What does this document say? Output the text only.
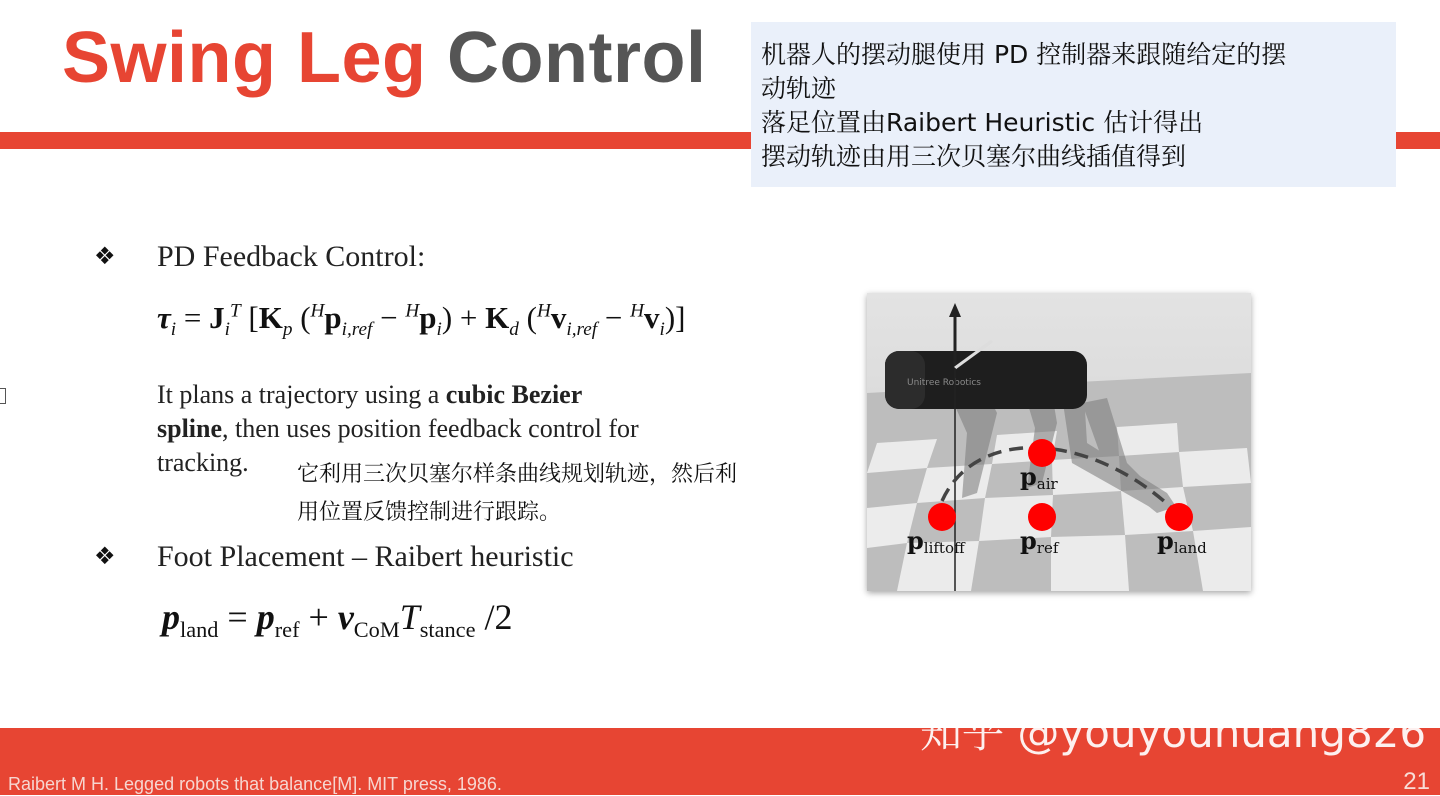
Swing Leg Control 机器人的摆动腿使用 PD 控制器来跟随给定的摆
动轨迹
落足位置由Raibert Heuristic 估计得出
摆动轨迹由用三次贝塞尔曲线插值得到
❖ PD Feedback Control:
$\tau_i = J_i^T$ [$K_p$ $(^Hp_{i,ref} - ^Hp_i) + K_d$ $(^Hv_{i,ref} - ^Hv_i)$]
It plans a trajectory using a cubic Bezier
spline, then uses position feedback control for
tracking.	它利用三次贝塞尔样条曲线规划轨迹，然后利
用位置反馈控制进行跟踪。
❖ Foot Placement – Raibert heuristic
$p_{land} = p_{ref} + v_{CoM}T_{stance}$ /2
Unitree Robotics
pair
pliftoff pref	pland
知乎 @youyouhuang826
Raibert M H. Legged robots that balance[M]. MIT press, 1986.	21
